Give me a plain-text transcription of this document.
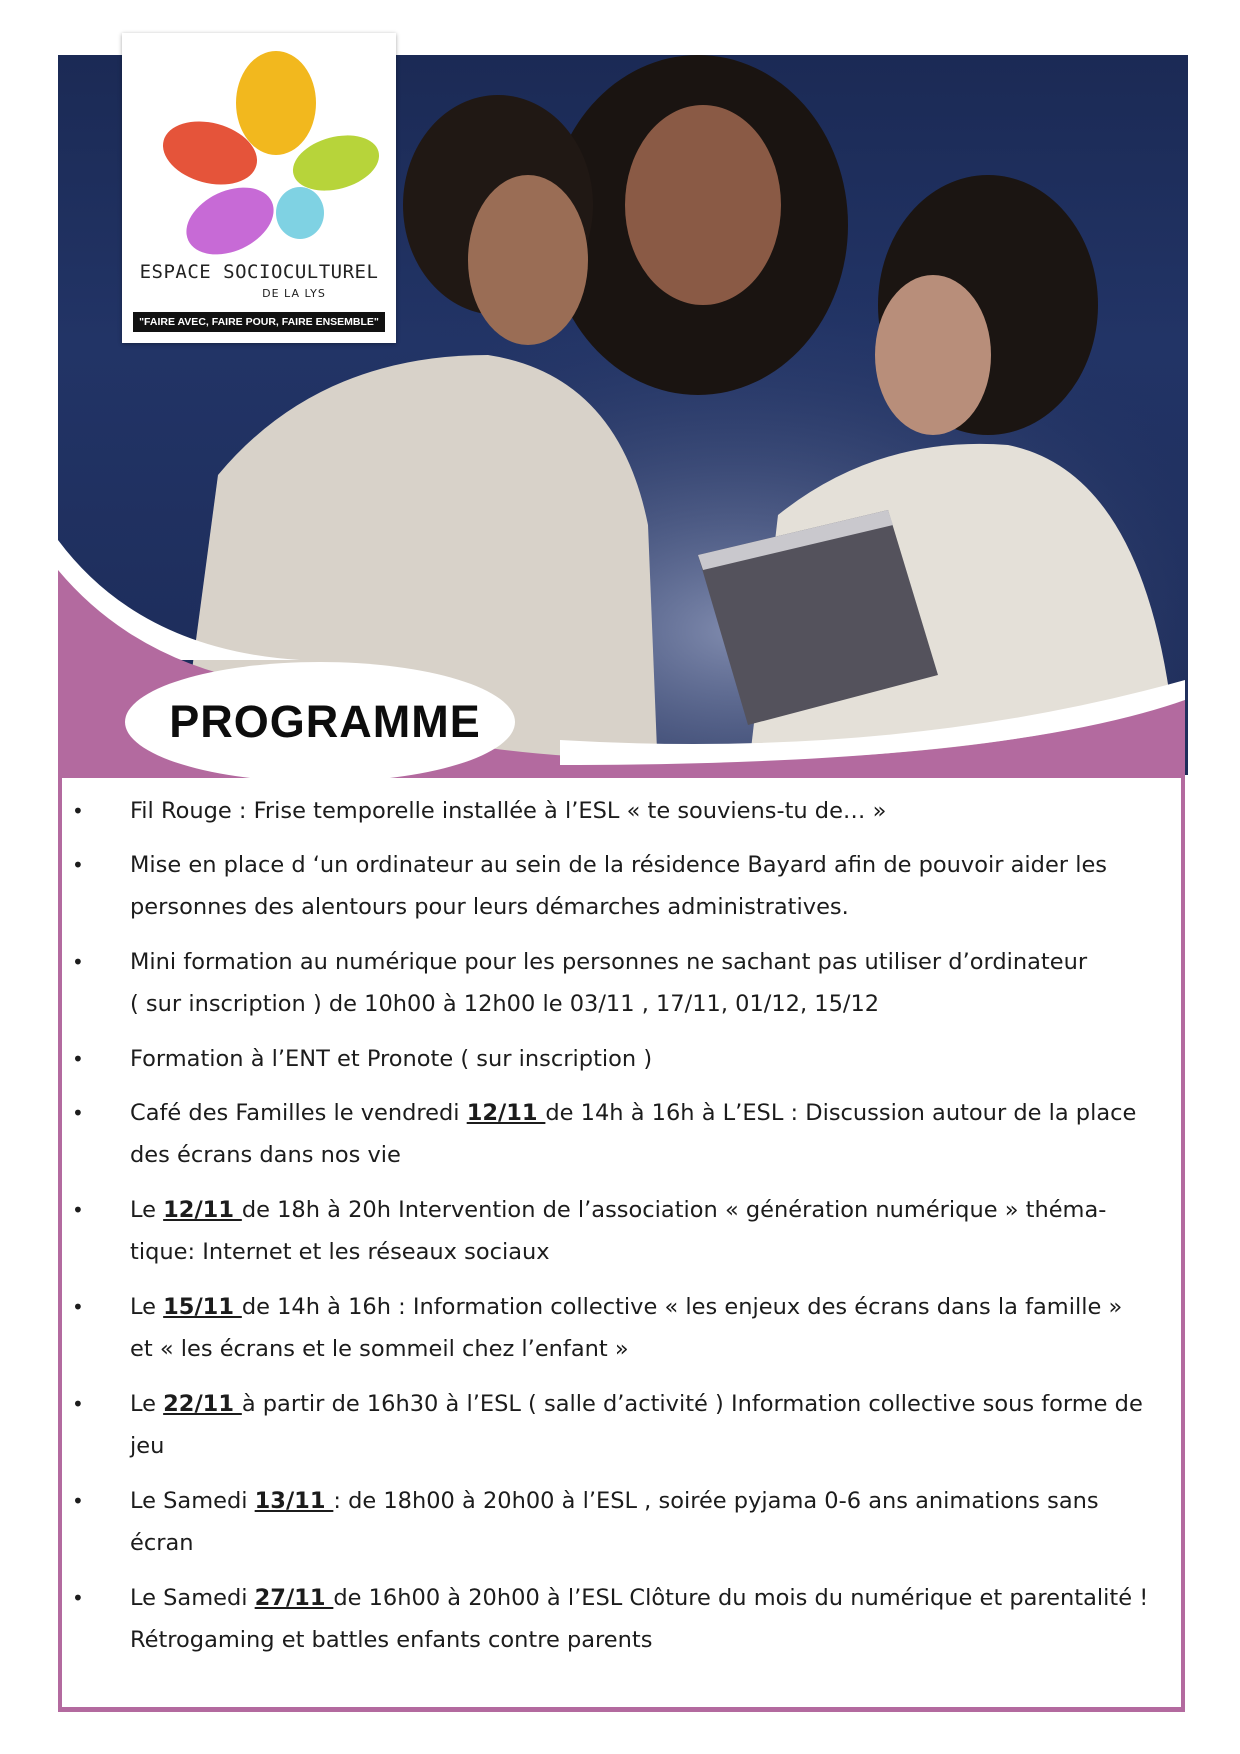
PROGRAMME
ESPACE SOCIOCULTUREL
DE LA LYS
"FAIRE AVEC, FAIRE POUR, FAIRE ENSEMBLE"
• Fil Rouge : Frise temporelle installée à l’ESL « te souviens-tu de… »
• Mise en place d ‘un ordinateur au sein de la résidence Bayard afin de pouvoir aider les
personnes des alentours pour leurs démarches administratives.
• Mini formation au numérique pour les personnes ne sachant pas utiliser d’ordinateur
( sur inscription ) de 10h00 à 12h00 le 03/11 , 17/11, 01/12, 15/12
• Formation à l’ENT et Pronote ( sur inscription )
• Café des Familles le vendredi 12/11 de 14h à 16h à L’ESL : Discussion autour de la place
des écrans dans nos vie
• Le 12/11 de 18h à 20h Intervention de l’association « génération numérique » théma-
tique: Internet et les réseaux sociaux
• Le 15/11 de 14h à 16h : Information collective « les enjeux des écrans dans la famille »
et « les écrans et le sommeil chez l’enfant »
• Le 22/11 à partir de 16h30 à l’ESL ( salle d’activité ) Information collective sous forme de
jeu
• Le Samedi 13/11 : de 18h00 à 20h00 à l’ESL , soirée pyjama 0-6 ans animations sans
écran
• Le Samedi 27/11 de 16h00 à 20h00 à l’ESL Clôture du mois du numérique et parentalité !
Rétrogaming et battles enfants contre parents
